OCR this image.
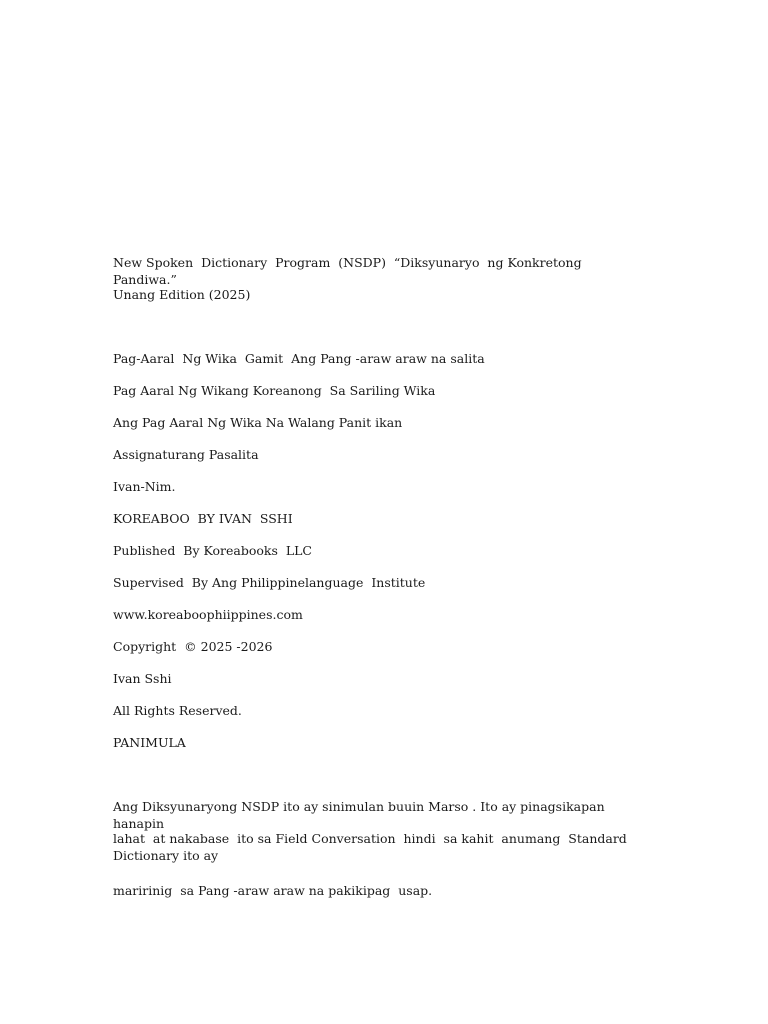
New Spoken  Dictionary  Program  (NSDP)  “Diksyunaryo  ng Konkretong  Pandiwa.”
Unang Edition (2025)
Pag-Aaral  Ng Wika  Gamit  Ang Pang -araw araw na salita
Pag Aaral Ng Wikang Koreanong  Sa Sariling Wika
Ang Pag Aaral Ng Wika Na Walang Panit ikan
Assignaturang Pasalita
Ivan-Nim.
KOREABOO  BY IVAN  SSHI
Published  By Koreabooks  LLC
Supervised  By Ang Philippinelanguage  Institute
www.koreaboophiippines.com
Copyright  © 2025 -2026
Ivan Sshi
All Rights Reserved.
PANIMULA
Ang Diksyunaryong NSDP ito ay sinimulan buuin Marso . Ito ay pinagsikapan hanapin
lahat  at nakabase  ito sa Field Conversation  hindi  sa kahit  anumang  Standard  Dictionary ito ay
maririnig  sa Pang -araw araw na pakikipag  usap.
